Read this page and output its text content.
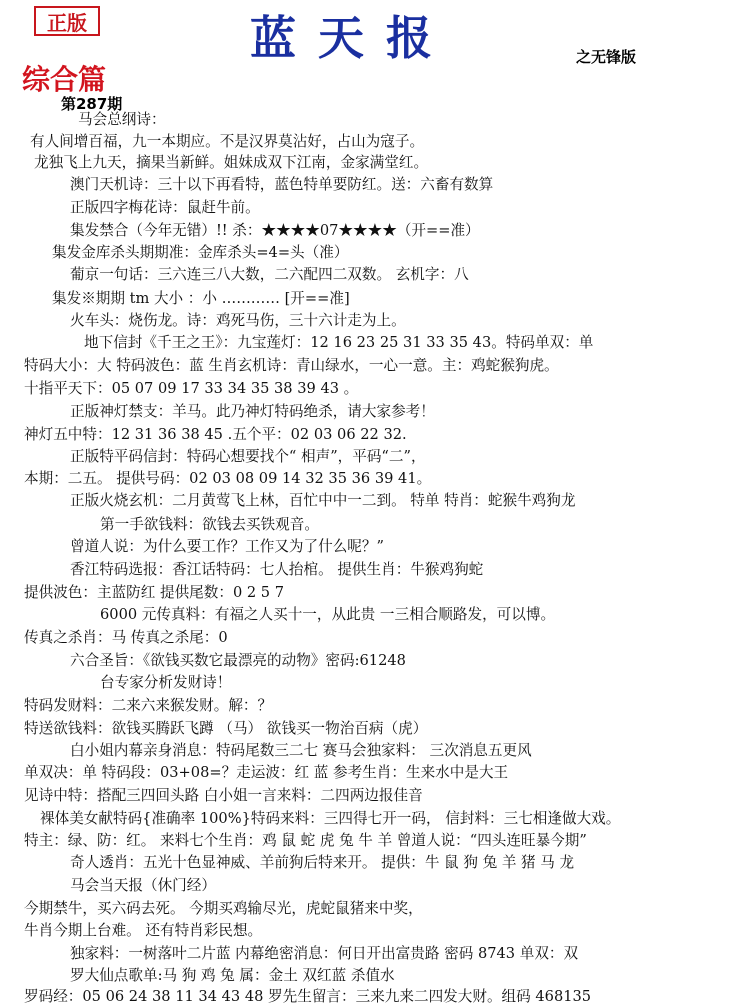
正版	蓝天报	之无锋版
综合篇
第287期
马会总纲诗：
有人间增百福，九一本期应。不是汉界莫沾好，占山为寇子。
龙独飞上九天，摘果当新鲜。姐妹成双下江南，金家满堂红。
澳门天机诗：三十以下再看特，蓝色特单要防红。送：六畜有数算
正版四字梅花诗：鼠赶牛前。
集发禁合（今年无错）!! 杀：★★★★07★★★★（开==准）
集发金库杀头期期准：金库杀头=4=头（准）
葡京一句话：三六连三八大数，二六配四二双数。 玄机字：八
集发※期期 tm 大小 ：小 ………… [开==准]
火车头：烧伤龙。诗：鸡死马伤，三十六计走为上。
地下信封《千王之王》：九宝莲灯：12 16 23 25 31 33 35 43。特码单双：单
特码大小：大 特码波色：蓝 生肖玄机诗：青山绿水，一心一意。主：鸡蛇猴狗虎。
十指平天下：05 07 09 17 33 34 35 38 39 43 。
正版神灯禁支：羊马。此乃神灯特码绝杀，请大家参考！
神灯五中特：12 31 36 38 45 .五个平：02 03 06 22 32.
正版特平码信封：特码心想要找个“ 相声”，平码“二”，
本期：二五。 提供号码：02 03 08 09 14 32 35 36 39 41。
正版火烧玄机：二月黄莺飞上林，百忙中中一二到。 特单 特肖：蛇猴牛鸡狗龙
第一手欲钱料：欲钱去买铁观音。
曾道人说：为什么要工作？工作又为了什么呢？”
香江特码选报：香江话特码：七人抬棺。 提供生肖：牛猴鸡狗蛇
提供波色：主蓝防红 提供尾数：0 2 5 7
6000 元传真料：有福之人买十一，从此贵 一三相合顺路发，可以博。
传真之杀肖：马 传真之杀尾：0
六合圣旨：《欲钱买数它最漂亮的动物》密码:61248
台专家分析发财诗！
特码发财料：二来六来猴发财。解：？
特送欲钱料：欲钱买腾跃飞蹲 （马） 欲钱买一物治百病（虎）
白小姐内幕亲身消息：特码尾数三二七 赛马会独家料： 三次消息五更风
单双决：单 特码段：03+08=？走运波：红 蓝 参考生肖：生来水中是大王
见诗中特：搭配三四回头路 白小姐一言来料：二四两边报佳音
裸体美女献特码{准确率 100%}特码来料：三四得七开一码， 信封料：三七相逢做大戏。
特主：绿、防：红。 来料七个生肖：鸡 鼠 蛇 虎 兔 牛 羊 曾道人说：“四头连旺暴今期”
奇人透肖：五光十色显神威、羊前狗后特来开。 提供：牛 鼠 狗 兔 羊 猪 马 龙
马会当天报（休门经）
今期禁牛，买六码去死。 今期买鸡输尽光，虎蛇鼠猪来中奖，
牛肖今期上台难。 还有特肖彩民想。
独家料：一树落叶二片蓝 内幕绝密消息：何日开出富贵路 密码 8743 单双：双
罗大仙点歌单:马 狗 鸡 兔 属：金土 双红蓝 杀值水
罗码经：05 06 24 38 11 34 43 48 罗先生留言：三来九来二四发大财。组码 468135
